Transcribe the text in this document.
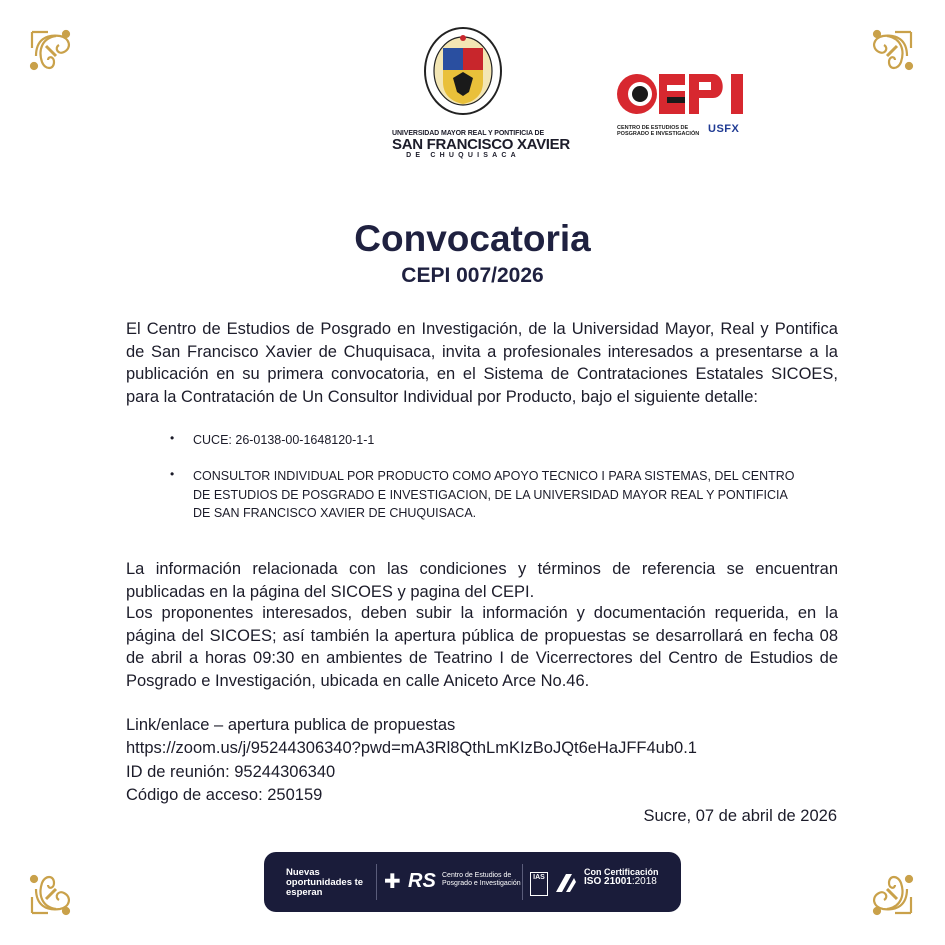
UNIVERSIDAD MAYOR REAL Y PONTIFICIA DE
SAN FRANCISCO XAVIER
DE CHUQUISACA
CENTRO DE ESTUDIOS DE POSGRADO E INVESTIGACIÓN USFX
Convocatoria
CEPI 007/2026
El Centro de Estudios de Posgrado en Investigación, de la Universidad Mayor, Real y Pontifica de San Francisco Xavier de Chuquisaca, invita a profesionales interesados a presentarse a la publicación en su primera convocatoria, en el Sistema de Contrataciones Estatales SICOES, para la Contratación de Un Consultor Individual por Producto, bajo el siguiente detalle:
• CUCE: 26-0138-00-1648120-1-1
• CONSULTOR INDIVIDUAL POR PRODUCTO COMO APOYO TECNICO I PARA SISTEMAS, DEL CENTRO DE ESTUDIOS DE POSGRADO E INVESTIGACION, DE LA UNIVERSIDAD MAYOR REAL Y PONTIFICIA DE SAN FRANCISCO XAVIER DE CHUQUISACA.
La información relacionada con las condiciones y términos de referencia se encuentran publicadas en la página del SICOES y pagina del CEPI.
Los proponentes interesados, deben subir la información y documentación requerida, en la página del SICOES; así también la apertura pública de propuestas se desarrollará en fecha 08 de abril a horas 09:30 en ambientes de Teatrino I de Vicerrectores del Centro de Estudios de Posgrado e Investigación, ubicada en calle Aniceto Arce No.46.
Link/enlace – apertura publica de propuestas
https://zoom.us/j/95244306340?pwd=mA3Rl8QthLmKIzBoJQt6eHaJFF4ub0.1
ID de reunión: 95244306340
Código de acceso: 250159
Sucre, 07 de abril de 2026
Nuevas oportunidades te esperan	✚ RS Centro de Estudios de Posgrado e Investigación
IAS
Con Certificación
ISO 21001:2018
